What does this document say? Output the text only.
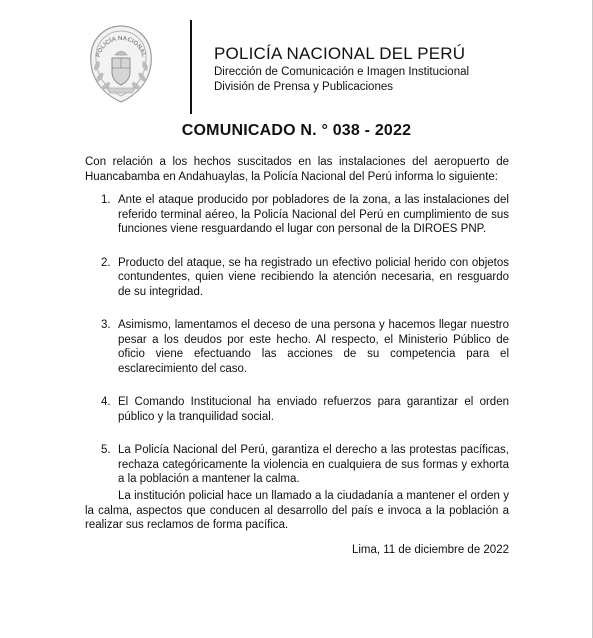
POLICÍA NACIONAL	POLICÍA NACIONAL DEL PERÚ
Dirección de Comunicación e Imagen Institucional
División de Prensa y Publicaciones
COMUNICADO N. ° 038 - 2022
Con relación a los hechos suscitados en las instalaciones del aeropuerto de Huancabamba en Andahuaylas, la Policía Nacional del Perú informa lo siguiente:
1. Ante el ataque producido por pobladores de la zona, a las instalaciones del referido terminal aéreo, la Policía Nacional del Perú en cumplimiento de sus funciones viene resguardando el lugar con personal de la DIROES PNP.
2. Producto del ataque, se ha registrado un efectivo policial herido con objetos contundentes, quien viene recibiendo la atención necesaria, en resguardo de su integridad.
3. Asimismo, lamentamos el deceso de una persona y hacemos llegar nuestro pesar a los deudos por este hecho. Al respecto, el Ministerio Público de oficio viene efectuando las acciones de su competencia para el esclarecimiento del caso.
4. El Comando Institucional ha enviado refuerzos para garantizar el orden público y la tranquilidad social.
5. La Policía Nacional del Perú, garantiza el derecho a las protestas pacíficas, rechaza categóricamente la violencia en cualquiera de sus formas y exhorta a la población a mantener la calma.
La institución policial hace un llamado a la ciudadanía a mantener el orden y la calma, aspectos que conducen al desarrollo del país e invoca a la población a realizar sus reclamos de forma pacífica.
Lima, 11 de diciembre de 2022
